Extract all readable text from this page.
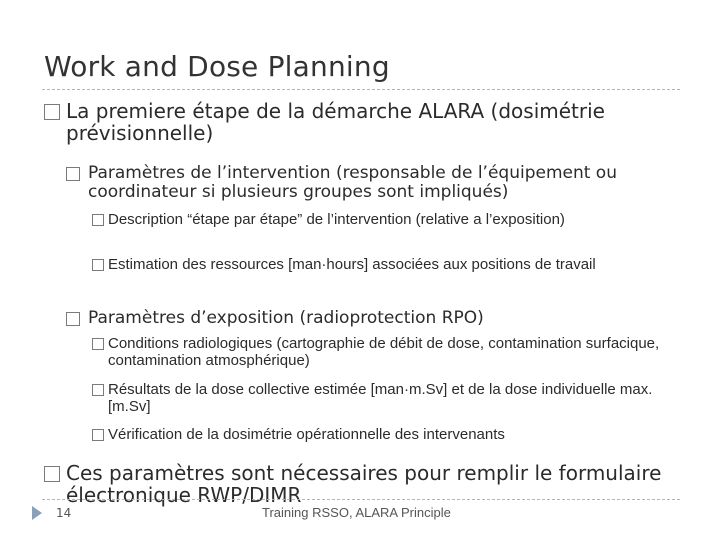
Work and Dose Planning
La premiere étape de la démarche ALARA (dosimétrie prévisionnelle)
Paramètres de l’intervention (responsable de l’équipement ou coordinateur si plusieurs groupes sont impliqués)
Description “étape par étape” de l’intervention (relative a l’exposition)
Estimation des ressources [man·hours] associées aux positions de travail
Paramètres d’exposition (radioprotection RPO)
Conditions radiologiques (cartographie de débit de dose, contamination surfacique, contamination atmosphérique)
Résultats de la dose collective estimée [man·m.Sv] et de la dose individuelle max. [m.Sv]
Vérification de la dosimétrie opérationnelle des intervenants
Ces paramètres sont nécessaires pour remplir le formulaire électronique RWP/DIMR
14	Training RSSO, ALARA Principle
